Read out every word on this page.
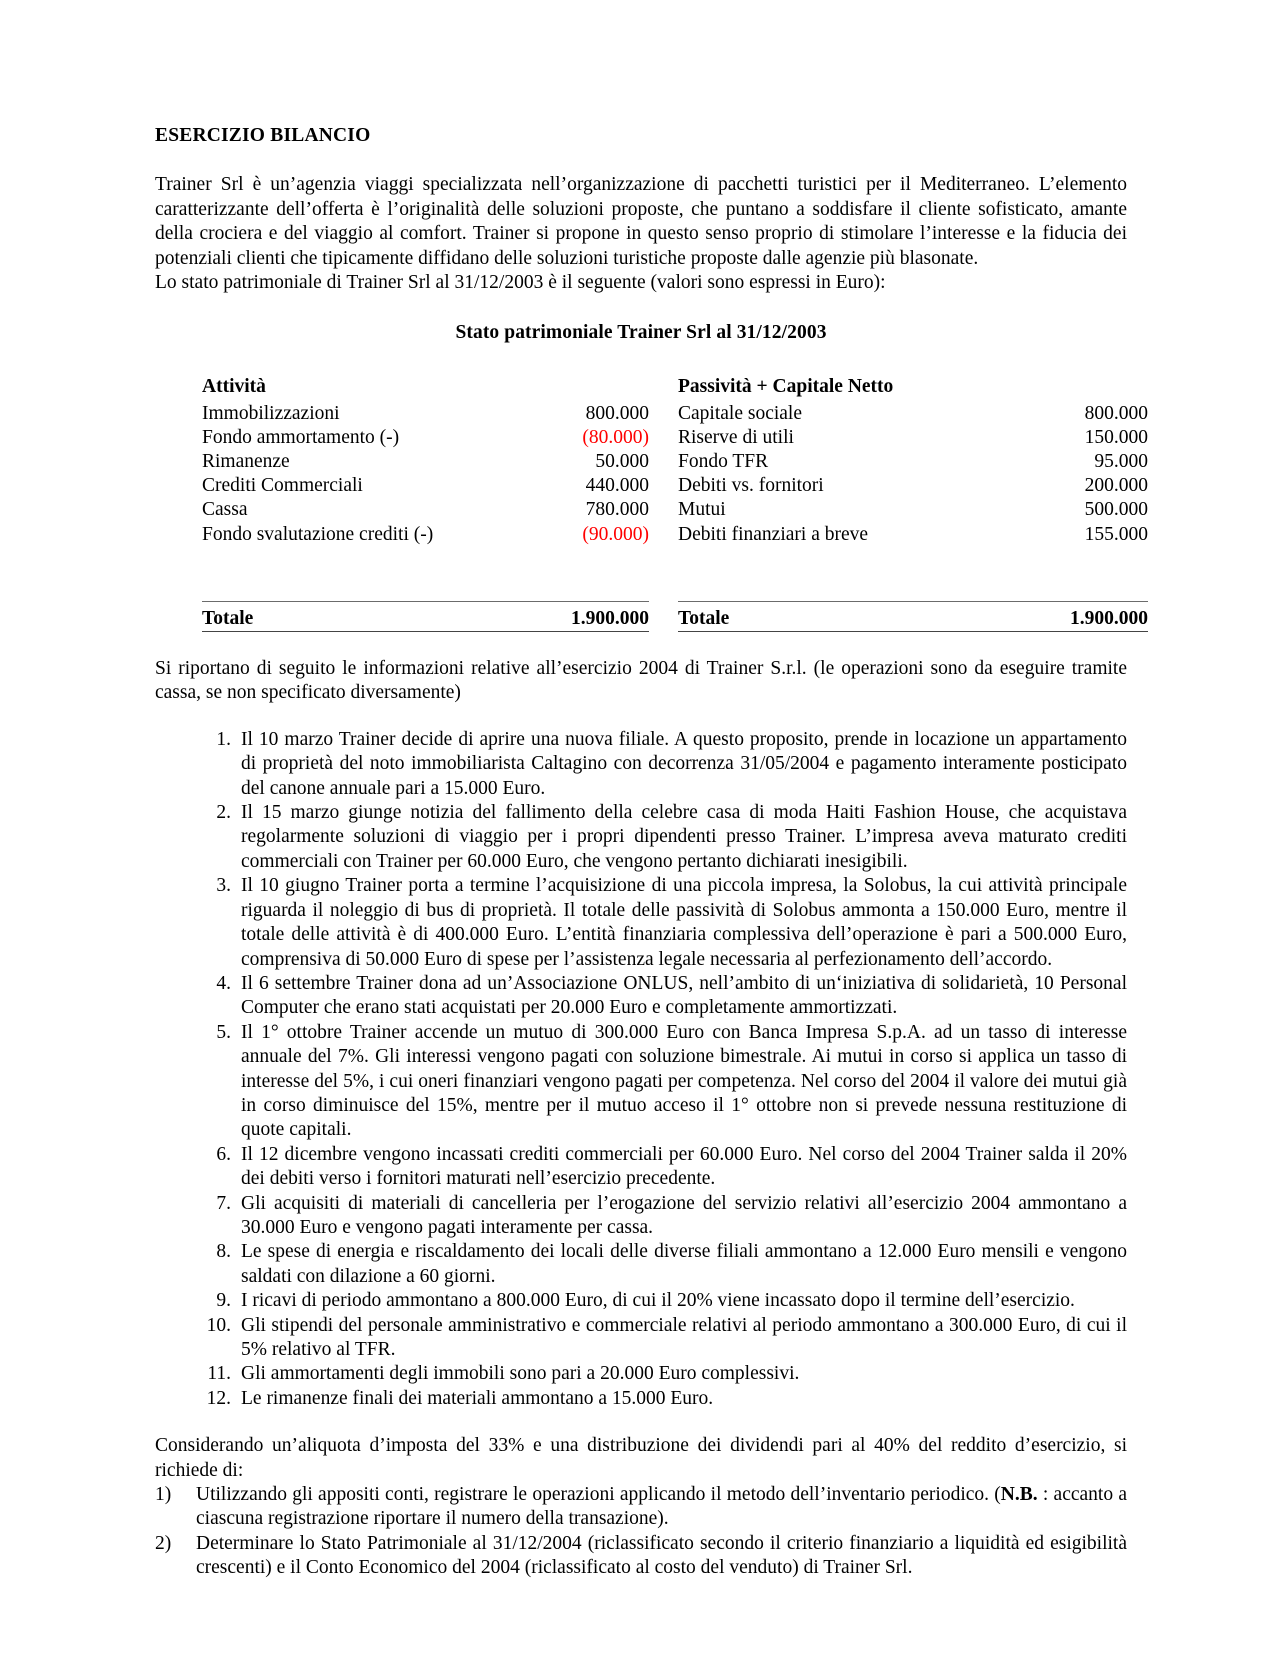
ESERCIZIO BILANCIO

Trainer Srl è un’agenzia viaggi specializzata nell’organizzazione di pacchetti turistici per il Mediterraneo. L’elemento caratterizzante dell’offerta è l’originalità delle soluzioni proposte, che puntano a soddisfare il cliente sofisticato, amante della crociera e del viaggio al comfort. Trainer si propone in questo senso proprio di stimolare l’interesse e la fiducia dei potenziali clienti che tipicamente diffidano delle soluzioni turistiche proposte dalle agenzie più blasonate.
Lo stato patrimoniale di Trainer Srl al 31/12/2003 è il seguente (valori sono espressi in Euro):

Stato patrimoniale Trainer Srl al 31/12/2003
Attività			Passività + Capitale Netto	
Immobilizzazioni	800.000		Capitale sociale	800.000
Fondo ammortamento (-)	(80.000)		Riserve di utili	150.000
Rimanenze	50.000		Fondo TFR	95.000
Crediti Commerciali	440.000		Debiti vs. fornitori	200.000
Cassa	780.000		Mutui	500.000
Fondo svalutazione crediti (-)	(90.000)		Debiti finanziari a breve	155.000

Totale	1.900.000		Totale	1.900.000

Si riportano di seguito le informazioni relative all’esercizio 2004 di Trainer S.r.l. (le operazioni sono da eseguire tramite cassa, se non specificato diversamente)

Il 10 marzo Trainer decide di aprire una nuova filiale. A questo proposito, prende in locazione un appartamento di proprietà del noto immobiliarista Caltagino con decorrenza 31/05/2004 e pagamento interamente posticipato del canone annuale pari a 15.000 Euro.
Il 15 marzo giunge notizia del fallimento della celebre casa di moda Haiti Fashion House, che acquistava regolarmente soluzioni di viaggio per i propri dipendenti presso Trainer. L’impresa aveva maturato crediti commerciali con Trainer per 60.000 Euro, che vengono pertanto dichiarati inesigibili.
Il 10 giugno Trainer porta a termine l’acquisizione di una piccola impresa, la Solobus, la cui attività principale riguarda il noleggio di bus di proprietà. Il totale delle passività di Solobus ammonta a 150.000 Euro, mentre il totale delle attività è di 400.000 Euro. L’entità finanziaria complessiva dell’operazione è pari a 500.000 Euro, comprensiva di 50.000 Euro di spese per l’assistenza legale necessaria al perfezionamento dell’accordo.
Il 6 settembre Trainer dona ad un’Associazione ONLUS, nell’ambito di un‘iniziativa di solidarietà, 10 Personal Computer che erano stati acquistati per 20.000 Euro e completamente ammortizzati.
Il 1° ottobre Trainer accende un mutuo di 300.000 Euro con Banca Impresa S.p.A. ad un tasso di interesse annuale del 7%. Gli interessi vengono pagati con soluzione bimestrale. Ai mutui in corso si applica un tasso di interesse del 5%, i cui oneri finanziari vengono pagati per competenza. Nel corso del 2004 il valore dei mutui già in corso diminuisce del 15%, mentre per il mutuo acceso il 1° ottobre non si prevede nessuna restituzione di quote capitali.
Il 12 dicembre vengono incassati crediti commerciali per 60.000 Euro. Nel corso del 2004 Trainer salda il 20% dei debiti verso i fornitori maturati nell’esercizio precedente.
Gli acquisiti di materiali di cancelleria per l’erogazione del servizio relativi all’esercizio 2004 ammontano a 30.000 Euro e vengono pagati interamente per cassa.
Le spese di energia e riscaldamento dei locali delle diverse filiali ammontano a 12.000 Euro mensili e vengono saldati con dilazione a 60 giorni.
I ricavi di periodo ammontano a 800.000 Euro, di cui il 20% viene incassato dopo il termine dell’esercizio.
Gli stipendi del personale amministrativo e commerciale relativi al periodo ammontano a 300.000 Euro, di cui il 5% relativo al TFR.
Gli ammortamenti degli immobili sono pari a 20.000 Euro complessivi.
Le rimanenze finali dei materiali ammontano a 15.000 Euro.

Considerando un’aliquota d’imposta del 33% e una distribuzione dei dividendi pari al 40% del reddito d’esercizio, si richiede di:

Utilizzando gli appositi conti, registrare le operazioni applicando il metodo dell’inventario periodico. (N.B. : accanto a ciascuna registrazione riportare il numero della transazione).
Determinare lo Stato Patrimoniale al 31/12/2004 (riclassificato secondo il criterio finanziario a liquidità ed esigibilità crescenti) e il Conto Economico del 2004 (riclassificato al costo del venduto) di Trainer Srl.
